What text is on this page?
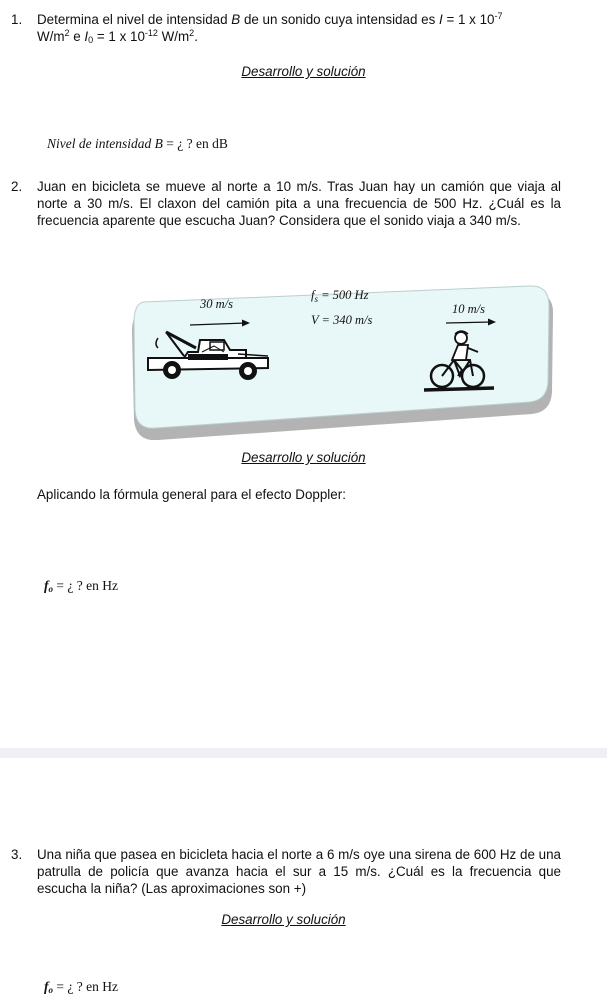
1. Determina el nivel de intensidad B de un sonido cuya intensidad es I = 1 x $10^{-7}$
$W/m^2$ e $I_0 = 1$ x $10^{-12}$ $W/m^2$.
Desarrollo y solución
Nivel de intensidad B = ¿ ? en dB
2. Juan en bicicleta se mueve al norte a 10 m/s. Tras Juan hay un camión que viaja al norte a 30 m/s. El claxon del camión pita a una frecuencia de 500 Hz. ¿Cuál es la frecuencia aparente que escucha Juan? Considera que el sonido viaja a 340 m/s.
30 m/s
$f_s = 500$ Hz
V = 340 m/s
10 m/s
Desarrollo y solución
Aplicando la fórmula general para el efecto Doppler:
$f_o$ = ¿ ? en Hz
3. Una niña que pasea en bicicleta hacia el norte a 6 m/s oye una sirena de 600 Hz de una patrulla de policía que avanza hacia el sur a 15 m/s. ¿Cuál es la frecuencia que escucha la niña? (Las aproximaciones son +)
Desarrollo y solución
$f_o$ = ¿ ? en Hz
